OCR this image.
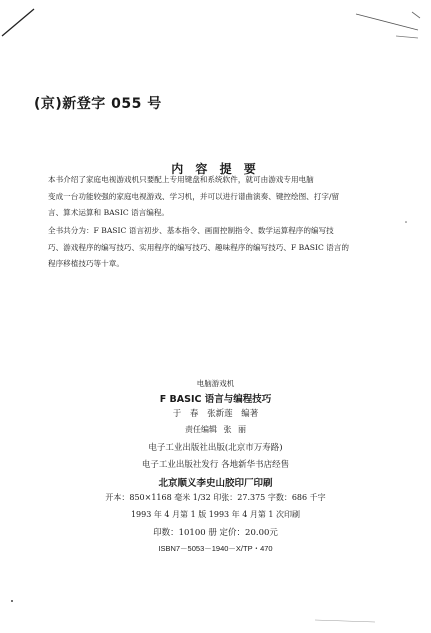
(京)新登字 055 号
内 容 提 要
本书介绍了家庭电视游戏机只要配上专用键盘和系统软件，就可由游戏专用电脑
变成一台功能较强的家庭电视游戏、学习机，并可以进行谱曲演奏、键控绘图、打字/留
言、算术运算和 BASIC 语言编程。
全书共分为：F BASIC 语言初步、基本指令、画面控制指令、数学运算程序的编写技
巧、游戏程序的编写技巧、实用程序的编写技巧、趣味程序的编写技巧、F BASIC 语言的
程序移植技巧等十章。
电脑游戏机
F BASIC 语言与编程技巧
于 春 张新莲 编著
责任编辑 张 丽
电子工业出版社出版(北京市万寿路)
电子工业出版社发行 各地新华书店经售
北京顺义李史山胶印厂印刷
开本：850×1168 毫米 1/32 印张：27.375 字数：686 千字
1993 年 4 月第 1 版 1993 年 4 月第 1 次印刷
印数：10100 册 定价：20.00元
ISBN7－5053－1940－X/TP・470
